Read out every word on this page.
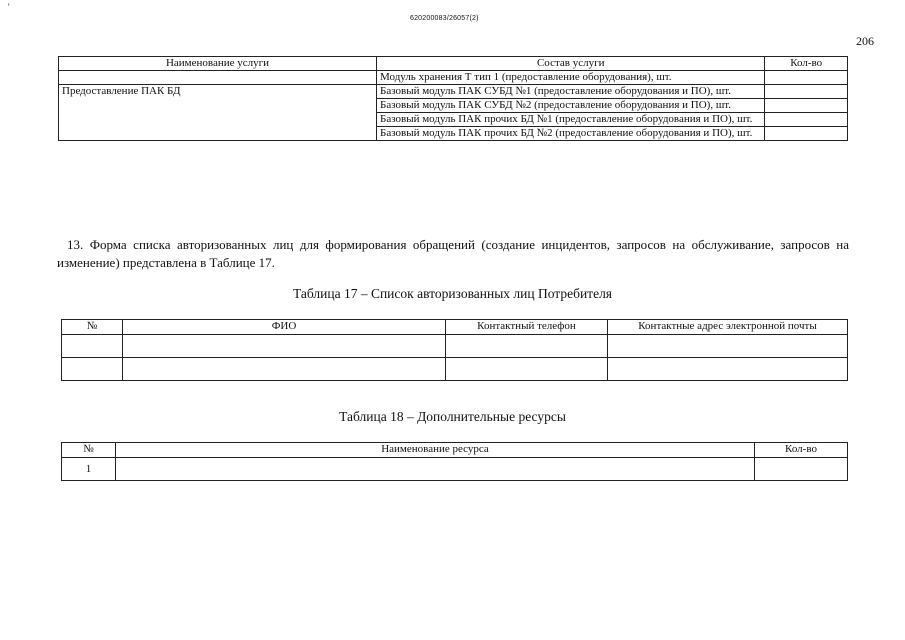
'
620200083/26057(2)
206
Наименование услуги	Состав услуги	Кол-во
	Модуль хранения Т тип 1 (предоставление оборудования), шт.	
Предоставление ПАК БД	Базовый модуль ПАК СУБД №1 (предоставление оборудования и ПО), шт.	
	Базовый модуль ПАК СУБД №2 (предоставление оборудования и ПО), шт.	
	Базовый модуль ПАК прочих БД №1 (предоставление оборудования и ПО), шт.	
	Базовый модуль ПАК прочих БД №2 (предоставление оборудования и ПО), шт.	
13. Форма списка авторизованных лиц для формирования обращений (создание инцидентов, запросов на обслуживание, запросов на изменение) представлена в Таблице 17.
Таблица 17 – Список авторизованных лиц Потребителя
№	ФИО	Контактный телефон	Контактные адрес электронной почты

Таблица 18 – Дополнительные ресурсы
№	Наименование ресурса	Кол-во
1		
